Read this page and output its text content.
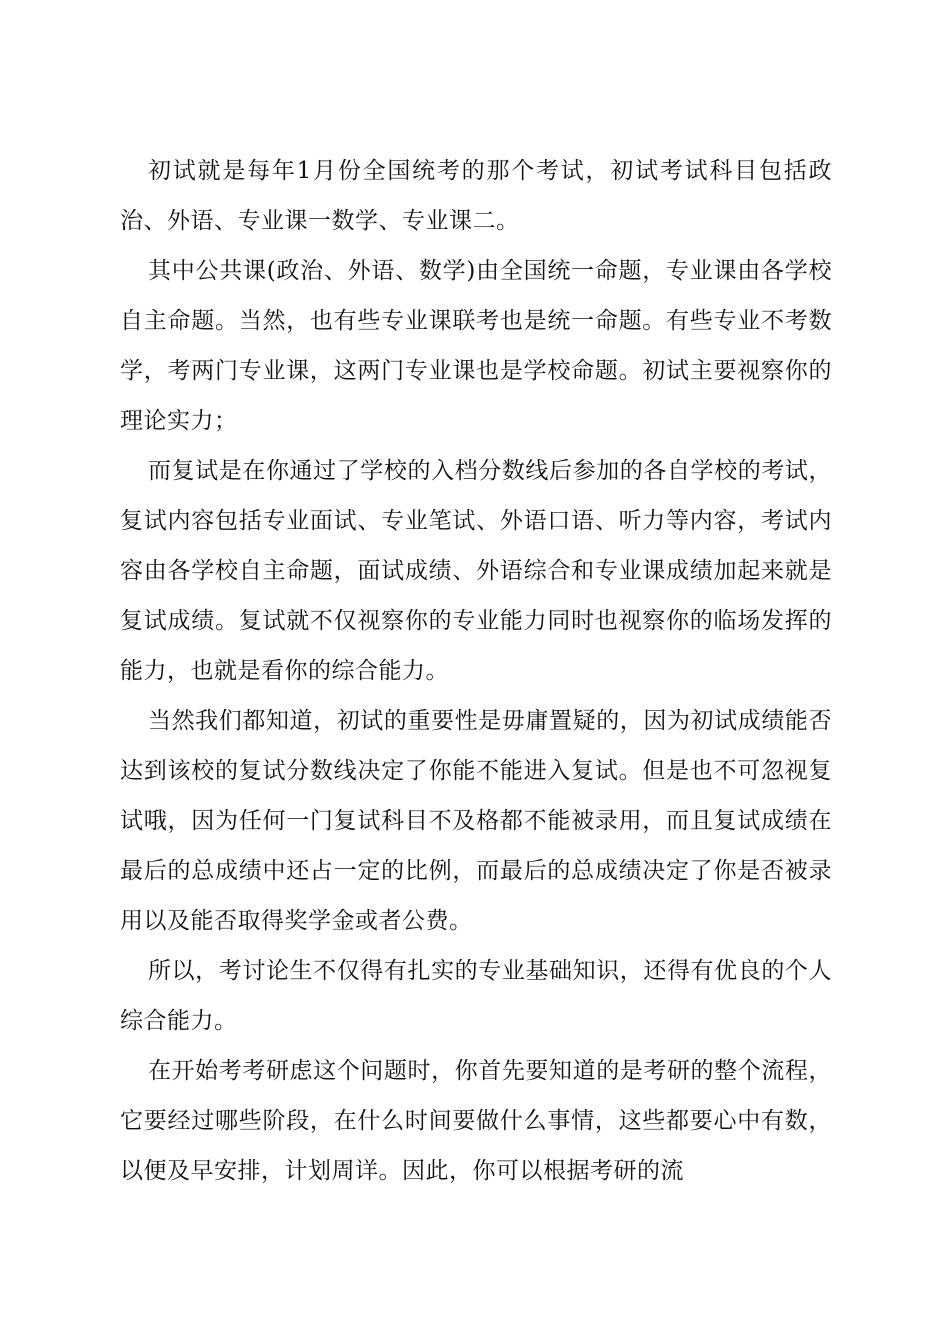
初试就是每年1月份全国统考的那个考试，初试考试科目包括政治、外语、专业课一数学、专业课二。

其中公共课(政治、外语、数学)由全国统一命题，专业课由各学校自主命题。当然，也有些专业课联考也是统一命题。有些专业不考数学，考两门专业课，这两门专业课也是学校命题。初试主要视察你的理论实力；

而复试是在你通过了学校的入档分数线后参加的各自学校的考试，复试内容包括专业面试、专业笔试、外语口语、听力等内容，考试内容由各学校自主命题，面试成绩、外语综合和专业课成绩加起来就是复试成绩。复试就不仅视察你的专业能力同时也视察你的临场发挥的能力，也就是看你的综合能力。

当然我们都知道，初试的重要性是毋庸置疑的，因为初试成绩能否达到该校的复试分数线决定了你能不能进入复试。但是也不可忽视复试哦，因为任何一门复试科目不及格都不能被录用，而且复试成绩在最后的总成绩中还占一定的比例，而最后的总成绩决定了你是否被录用以及能否取得奖学金或者公费。

所以，考讨论生不仅得有扎实的专业基础知识，还得有优良的个人综合能力。

在开始考考研虑这个问题时，你首先要知道的是考研的整个流程，它要经过哪些阶段，在什么时间要做什么事情，这些都要心中有数，以便及早安排，计划周详。因此，你可以根据考研的流
